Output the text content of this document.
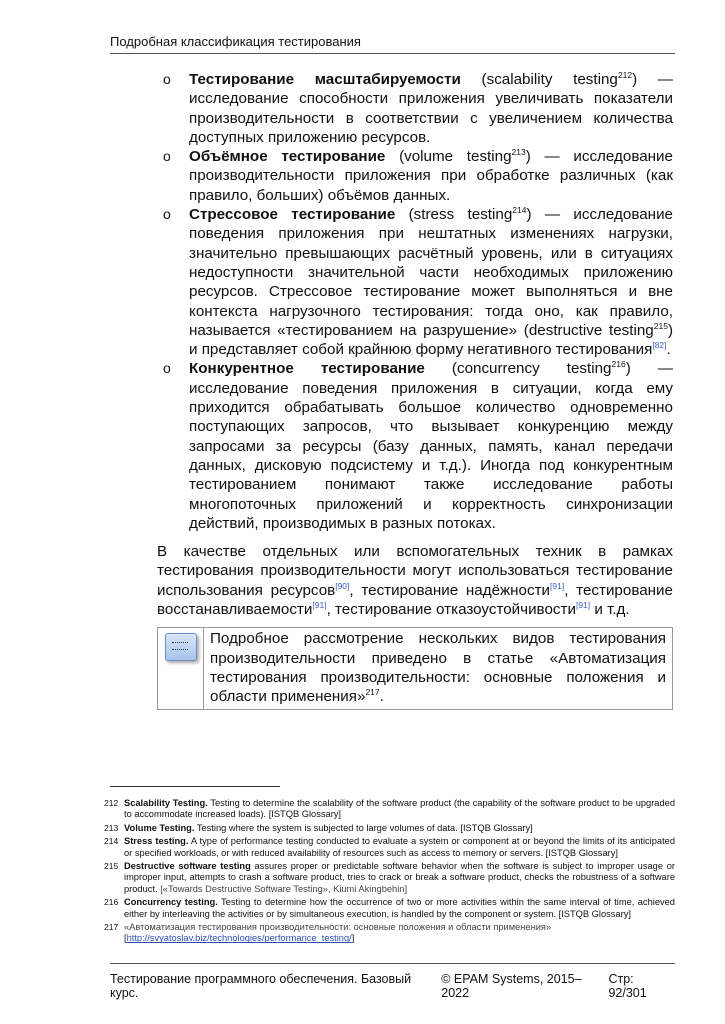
Подробная классификация тестирования
o Тестирование масштабируемости (scalability testing$^{212}$) — исследование способности приложения увеличивать показатели производительности в соответствии с увеличением количества доступных приложению ресурсов.
o Объёмное тестирование (volume testing$^{213}$) — исследование производительности приложения при обработке различных (как правило, больших) объёмов данных.
o Стрессовое тестирование (stress testing$^{214}$) — исследование поведения приложения при нештатных изменениях нагрузки, значительно превышающих расчётный уровень, или в ситуациях недоступности значительной части необходимых приложению ресурсов. Стрессовое тестирование может выполняться и вне контекста нагрузочного тестирования: тогда оно, как правило, называется «тестированием на разрушение» (destructive testing$^{215}$) и представляет собой крайнюю форму негативного тестирования[82].
o Конкурентное тестирование (concurrency testing$^{216}$) — исследование поведения приложения в ситуации, когда ему приходится обрабатывать большое количество одновременно поступающих запросов, что вызывает конкуренцию между запросами за ресурсы (базу данных, память, канал передачи данных, дисковую подсистему и т.д.). Иногда под конкурентным тестированием понимают также исследование работы многопоточных приложений и корректность синхронизации действий, производимых в разных потоках.

В качестве отдельных или вспомогательных техник в рамках тестирования производительности могут использоваться тестирование использования ресурсов[90], тестирование надёжности[91], тестирование восстанавливаемости[91], тестирование отказоустойчивости[91] и т.д.

Подробное рассмотрение нескольких видов тестирования производительности приведено в статье «Автоматизация тестирования производительности: основные положения и области применения»$^{217}$.
212 Scalability Testing. Testing to determine the scalability of the software product (the capability of the software product to be upgraded to accommodate increased loads). [ISTQB Glossary]
213 Volume Testing. Testing where the system is subjected to large volumes of data. [ISTQB Glossary]
214 Stress testing. A type of performance testing conducted to evaluate a system or component at or beyond the limits of its anticipated or specified workloads, or with reduced availability of resources such as access to memory or servers. [ISTQB Glossary]
215 Destructive software testing assures proper or predictable software behavior when the software is subject to improper usage or improper input, attempts to crash a software product, tries to crack or break a software product, checks the robustness of a software product. [«Towards Destructive Software Testing», Kiumi Akingbehin]
216 Concurrency testing. Testing to determine how the occurrence of two or more activities within the same interval of time, achieved either by interleaving the activities or by simultaneous execution, is handled by the component or system. [ISTQB Glossary]
217 «Автоматизация тестирования производительности: основные положения и области применения»
[http://svyatoslav.biz/technologies/performance_testing/]
Тестирование программного обеспечения. Базовый курс.
© EPAM Systems, 2015–2022
Стр: 92/301
